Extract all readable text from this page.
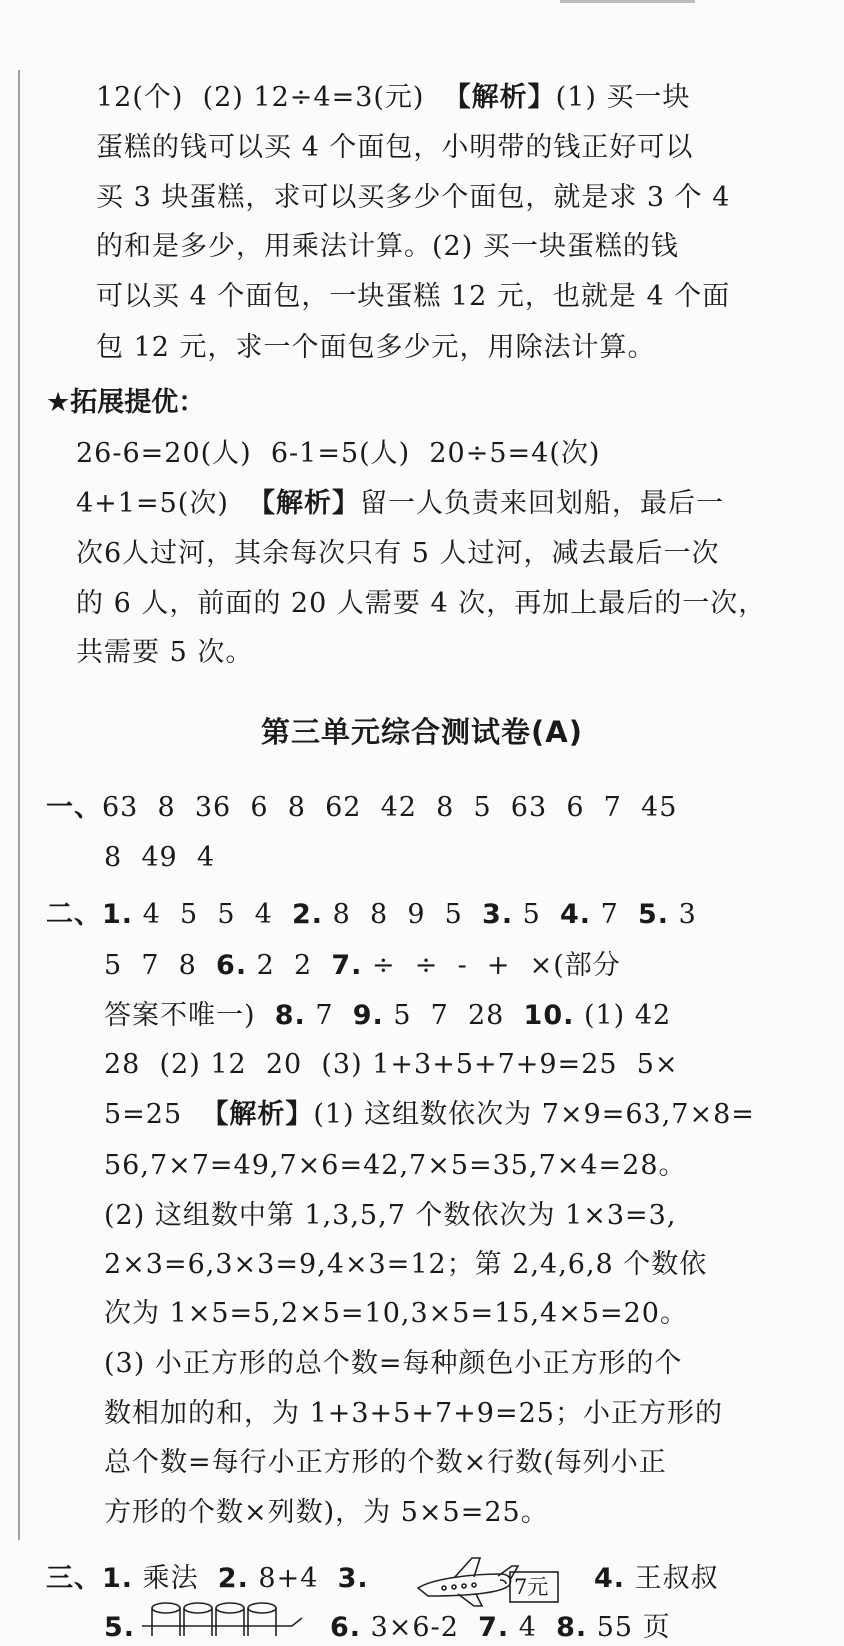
12(个)  (2) 12÷4=3(元)  【解析】(1) 买一块
蛋糕的钱可以买 4 个面包，小明带的钱正好可以
买 3 块蛋糕，求可以买多少个面包，就是求 3 个 4
的和是多少，用乘法计算。(2) 买一块蛋糕的钱
可以买 4 个面包，一块蛋糕 12 元，也就是 4 个面
包 12 元，求一个面包多少元，用除法计算。
★拓展提优：
26-6=20(人)  6-1=5(人)  20÷5=4(次)
4+1=5(次)  【解析】留一人负责来回划船，最后一
次6人过河，其余每次只有 5 人过河，减去最后一次
的 6 人，前面的 20 人需要 4 次，再加上最后的一次，
共需要 5 次。
第三单元综合测试卷(A)
一、63  8  36  6  8  62  42  8  5  63  6  7  45
8  49  4
二、1. 4  5  5  4  2. 8  8  9  5  3. 5  4. 7  5. 3
5  7  8  6. 2  2  7. ÷  ÷  -  +  ×(部分
答案不唯一)  8. 7  9. 5  7  28  10. (1) 42
28  (2) 12  20  (3) 1+3+5+7+9=25  5×
5=25  【解析】(1) 这组数依次为 7×9=63,7×8=
56,7×7=49,7×6=42,7×5=35,7×4=28。
(2) 这组数中第 1,3,5,7 个数依次为 1×3=3,
2×3=6,3×3=9,4×3=12；第 2,4,6,8 个数依
次为 1×5=5,2×5=10,3×5=15,4×5=20。
(3) 小正方形的总个数=每种颜色小正方形的个
数相加的和，为 1+3+5+7+9=25；小正方形的
总个数=每行小正方形的个数×行数(每列小正
方形的个数×列数)，为 5×5=25。
三、1. 乘法  2. 8+4  3.	7元 4. 王叔叔
5.	6. 3×6-2  7. 4  8. 55 页
